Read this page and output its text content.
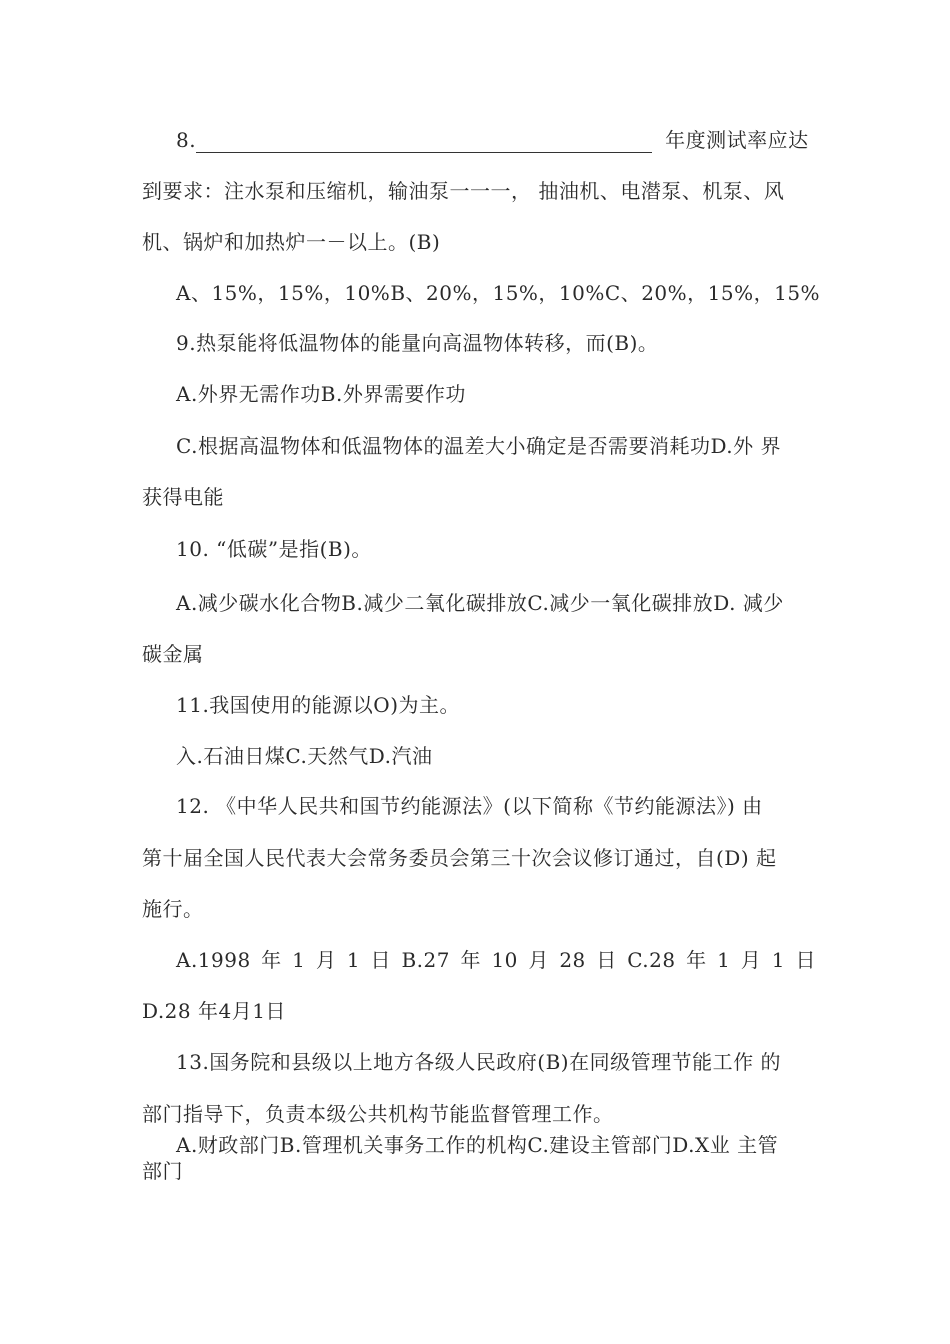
8.	年度测试率应达
到要求：注水泵和压缩机，输油泵一一一， 抽油机、电潜泵、机泵、风
机、锅炉和加热炉一－以上。(B)
A、 15%， 15%， 10%B、 20%， 15%， 10%C、 20%， 15%， 15%
9.热泵能将低温物体的能量向高温物体转移，而(B)。
A.外界无需作功B.外界需要作功
C.根据高温物体和低温物体的温差大小确定是否需要消耗功D.外 界
获得电能
10. “低碳”是指(B)。
A.减少碳水化合物B.减少二氧化碳排放C.减少一氧化碳排放D. 减少
碳金属
11.我国使用的能源以O)为主。
入.石油日煤C.天然气D.汽油
12. 《中华人民共和国节约能源法》(以下简称《节约能源法》) 由
第十届全国人民代表大会常务委员会第三十次会议修订通过，自(D) 起
施行。
A.1998 年 1 月 1 日 B.27 年 10 月 28 日 C.28 年 1 月 1 日
D.28 年4月1日
13.国务院和县级以上地方各级人民政府(B)在同级管理节能工作 的
部门指导下，负责本级公共机构节能监督管理工作。
A.财政部门B.管理机关事务工作的机构C.建设主管部门D.X业 主管
部门
